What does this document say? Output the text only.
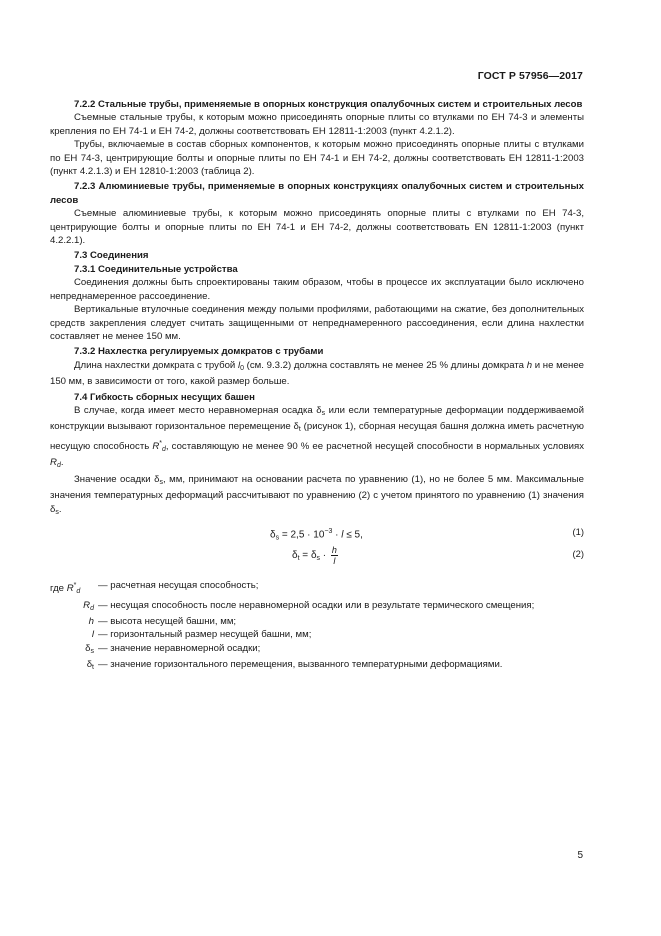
ГОСТ Р 57956—2017

7.2.2 Стальные трубы, применяемые в опорных конструкция опалубочных систем и строительных лесов

Съемные стальные трубы, к которым можно присоединять опорные плиты со втулками по ЕН 74-3 и элементы крепления по ЕН 74-1 и ЕН 74-2, должны соответствовать ЕН 12811-1:2003 (пункт 4.2.1.2).

Трубы, включаемые в состав сборных компонентов, к которым можно присоединять опорные плиты с втулками по ЕН 74-3, центрирующие болты и опорные плиты по ЕН 74-1 и ЕН 74-2, должны соответствовать ЕН 12811-1:2003 (пункт 4.2.1.3) и ЕН 12810-1:2003 (таблица 2).

7.2.3 Алюминиевые трубы, применяемые в опорных конструкциях опалубочных систем и строительных лесов

Съемные алюминиевые трубы, к которым можно присоединять опорные плиты с втулками по ЕН 74-3, центрирующие болты и опорные плиты по ЕН 74-1 и ЕН 74-2, должны соответствовать EN 12811-1:2003 (пункт 4.2.2.1).

7.3 Соединения

7.3.1 Соединительные устройства

Соединения должны быть спроектированы таким образом, чтобы в процессе их эксплуатации было исключено непреднамеренное рассоединение.

Вертикальные втулочные соединения между полыми профилями, работающими на сжатие, без дополнительных средств закрепления следует считать защищенными от непреднамеренного рассоединения, если длина нахлестки составляет не менее 150 мм.

7.3.2 Нахлестка регулируемых домкратов с трубами

Длина нахлестки домкрата с трубой $l_0$ (см. 9.3.2) должна составлять не менее 25 % длины домкрата h и не менее 150 мм, в зависимости от того, какой размер больше.

7.4 Гибкость сборных несущих башен

В случае, когда имеет место неравномерная осадка $\delta_s$ или если температурные деформации поддерживаемой конструкции вызывают горизонтальное перемещение $\delta_t$ (рисунок 1), сборная несущая башня должна иметь расчетную несущую способность $R^*_d$, составляющую не менее 90 % ее расчетной несущей способности в нормальных условиях $R_d$.

Значение осадки $\delta_s$, мм, принимают на основании расчета по уравнению (1), но не более 5 мм. Максимальные значения температурных деформаций рассчитывают по уравнению (2) с учетом принятого по уравнению (1) значения $\delta_s$.

$\delta_s = 2,5 \cdot 10^{-3} \cdot l \le 5$,	(1)
$\delta_t = \delta_s \cdot \frac{h}{l}$	(2)
где $R^*_d$
— расчетная несущая способность;
$R_d$ — несущая способность после неравномерной осадки или в результате термического смещения;
h — высота несущей башни, мм;
l — горизонтальный размер несущей башни, мм;
$\delta_s$ — значение неравномерной осадки;
$\delta_t$ — значение горизонтального перемещения, вызванного температурными деформациями.
5
